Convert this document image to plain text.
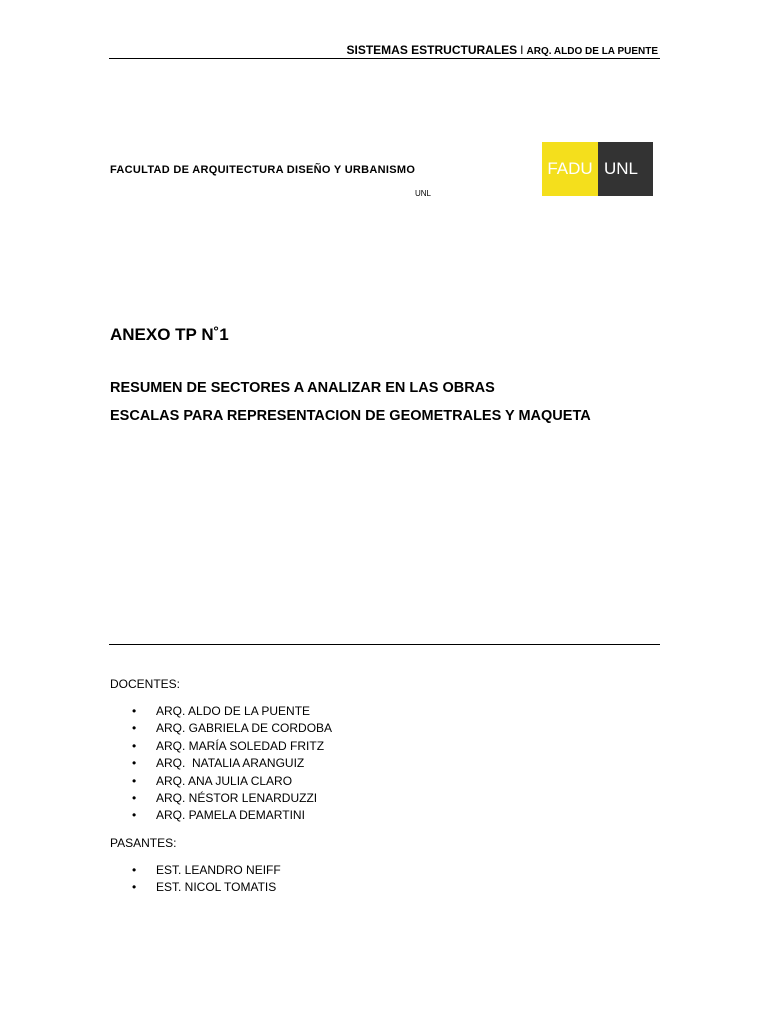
SISTEMAS ESTRUCTURALES I ARQ. ALDO DE LA PUENTE
FACULTAD DE ARQUITECTURA DISEÑO Y URBANISMO
UNL
FADU UNL
ANEXO TP N˚1
RESUMEN DE SECTORES A ANALIZAR EN LAS OBRAS
ESCALAS PARA REPRESENTACION DE GEOMETRALES Y MAQUETA
DOCENTES:
• ARQ. ALDO DE LA PUENTE
• ARQ. GABRIELA DE CORDOBA
• ARQ. MARÍA SOLEDAD FRITZ
• ARQ.  NATALIA ARANGUIZ
• ARQ. ANA JULIA CLARO
• ARQ. NÉSTOR LENARDUZZI
• ARQ. PAMELA DEMARTINI
PASANTES:
• EST. LEANDRO NEIFF
• EST. NICOL TOMATIS
